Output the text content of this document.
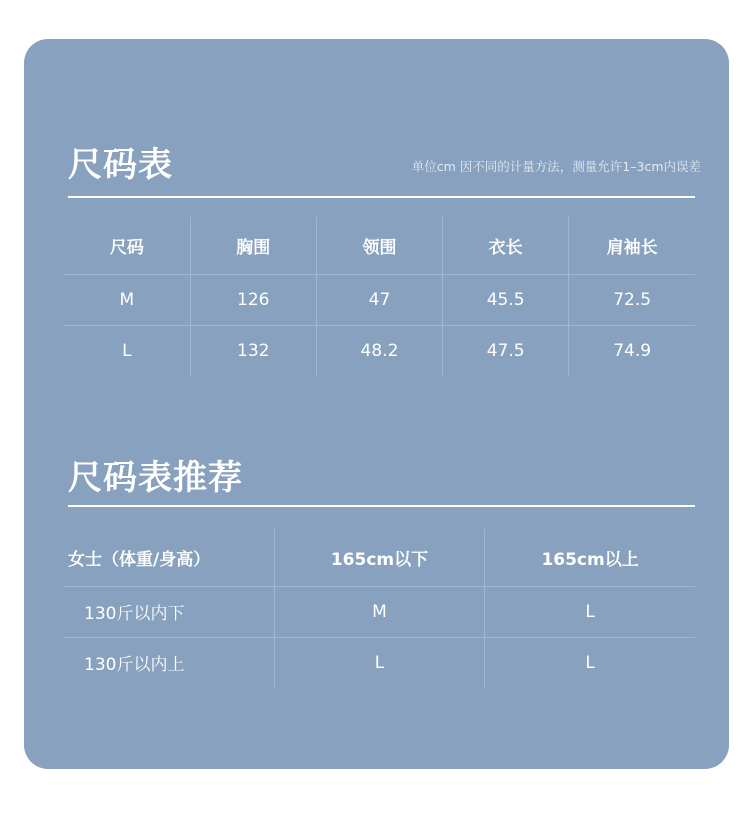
尺码表	单位cm 因不同的计量方法，测量允许1–3cm内误差
尺码	胸围	领围	衣长	肩袖长
M	126	47	45.5	72.5
L	132	48.2	47.5	74.9
尺码表推荐
女士（体重/身高）	165cm以下	165cm以上
130斤以内下	M	L
130斤以内上	L	L
